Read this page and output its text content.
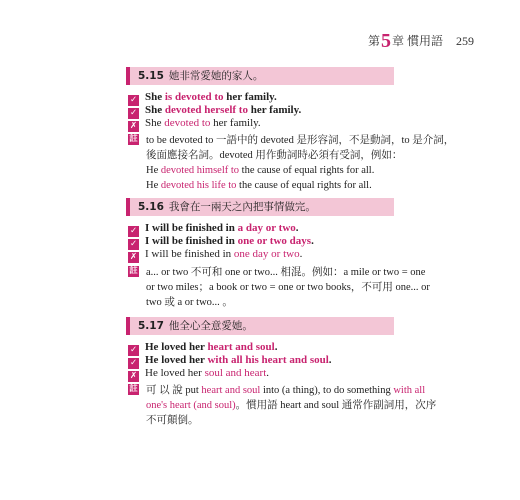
第5章 慣用語 259
5.15 她非常愛她的家人。
✓ She is devoted to her family.
✓ She devoted herself to her family.
✗ She devoted to her family.
註 to be devoted to 一語中的 devoted 是形容詞，不是動詞，to 是介詞，
後面應接名詞。devoted 用作動詞時必須有受詞，例如：
He devoted himself to the cause of equal rights for all.
He devoted his life to the cause of equal rights for all.
5.16 我會在一兩天之內把事情做完。
✓ I will be finished in a day or two.
✓ I will be finished in one or two days.
✗ I will be finished in one day or two.
註 a... or two 不可和 one or two... 相混。例如：a mile or two = one
or two miles；a book or two = one or two books，不可用 one... or
two 或 a or two... 。
5.17 他全心全意愛她。
✓ He loved her heart and soul.
✓ He loved her with all his heart and soul.
✗ He loved her soul and heart.
註 可 以 說 put heart and soul into (a thing), to do something with all
one's heart (and soul)。慣用語 heart and soul 通常作副詞用，次序
不可顛倒。
